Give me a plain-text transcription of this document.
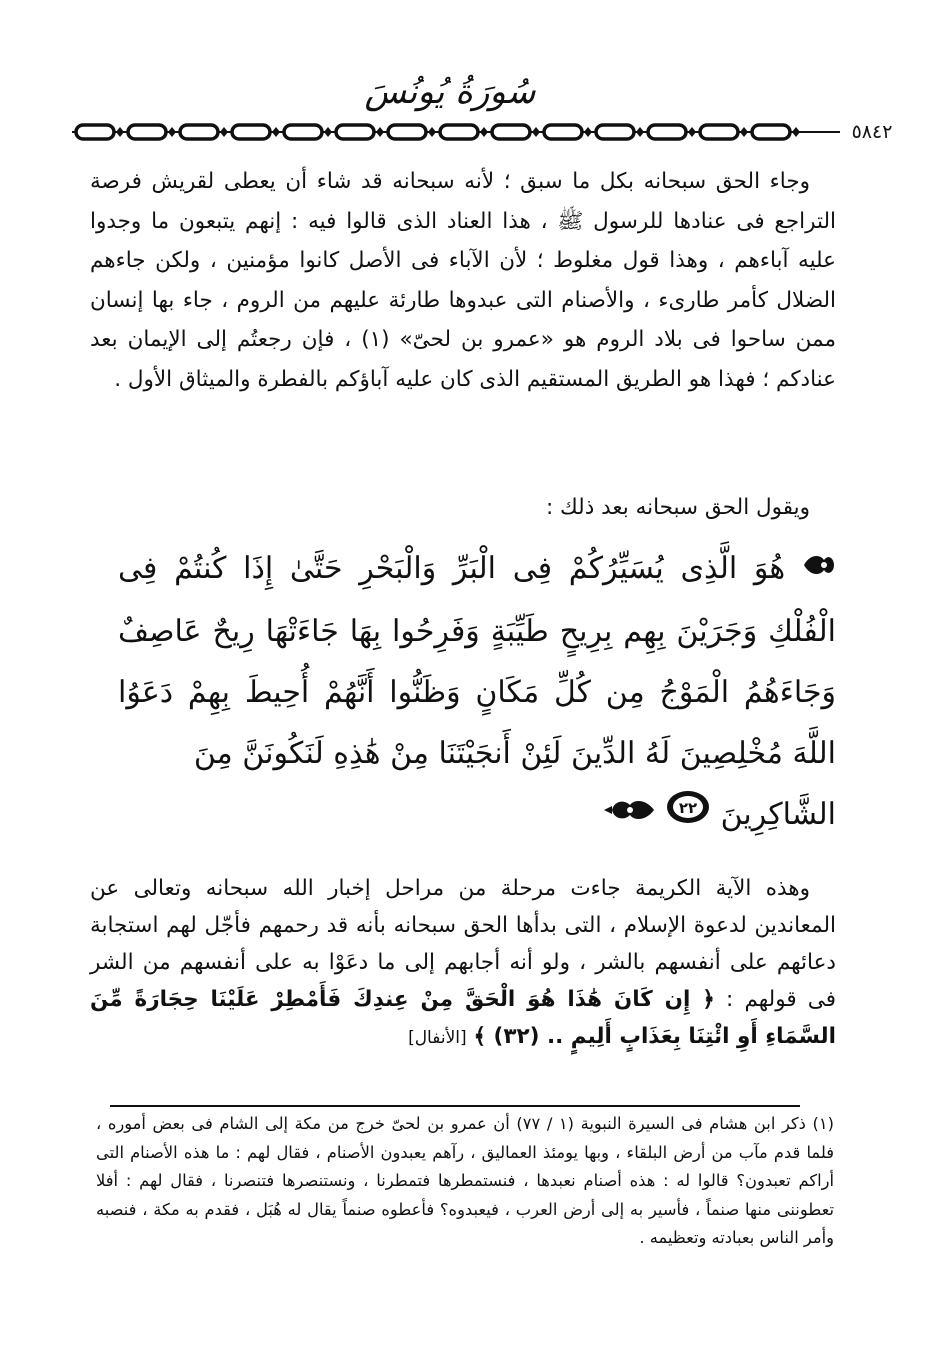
سُورَةُ يُونُسَ
٥٨٤٢

وجاء الحق سبحانه بكل ما سبق ؛ لأنه سبحانه قد شاء أن يعطى لقريش فرصة التراجع فى عنادها للرسول ﷺ ، هذا العناد الذى قالوا فيه : إنهم يتبعون ما وجدوا عليه آباءهم ، وهذا قول مغلوط ؛ لأن الآباء فى الأصل كانوا مؤمنين ، ولكن جاءهم الضلال كأمر طارىء ، والأصنام التى عبدوها طارئة عليهم من الروم ، جاء بها إنسان ممن ساحوا فى بلاد الروم هو «عمرو بن لحىّ» (١) ، فإن رجعتُم إلى الإيمان بعد عنادكم ؛ فهذا هو الطريق المستقيم الذى كان عليه آباؤكم بالفطرة والميثاق الأول .

ويقول الحق سبحانه بعد ذلك :
هُوَ الَّذِى يُسَيِّرُكُمْ فِى الْبَرِّ وَالْبَحْرِ حَتَّىٰ إِذَا كُنتُمْ فِى الْفُلْكِ وَجَرَيْنَ بِهِم بِرِيحٍ طَيِّبَةٍ وَفَرِحُوا بِهَا جَاءَتْهَا رِيحٌ عَاصِفٌ وَجَاءَهُمُ الْمَوْجُ مِن كُلِّ مَكَانٍ وَظَنُّوا أَنَّهُمْ أُحِيطَ بِهِمْ دَعَوُا اللَّهَ مُخْلِصِينَ لَهُ الدِّينَ لَئِنْ أَنجَيْتَنَا مِنْ هَٰذِهِ لَنَكُونَنَّ مِنَ
الشَّاكِرِينَ
٢٢

وهذه الآية الكريمة جاءت مرحلة من مراحل إخبار الله سبحانه وتعالى عن المعاندين لدعوة الإسلام ، التى بدأها الحق سبحانه بأنه قد رحمهم فأجّل لهم استجابة دعائهم على أنفسهم بالشر ، ولو أنه أجابهم إلى ما دعَوْا به على أنفسهم من الشر فى قولهم : ﴿ إِن كَانَ هَٰذَا هُوَ الْحَقَّ مِنْ عِندِكَ فَأَمْطِرْ عَلَيْنَا حِجَارَةً مِّنَ السَّمَاءِ أَوِ ائْتِنَا بِعَذَابٍ أَلِيمٍ .. (٣٢) ﴾ [الأنفال]

(١) ذكر ابن هشام فى السيرة النبوية (١ / ٧٧) أن عمرو بن لحىّ خرج من مكة إلى الشام فى بعض أموره ، فلما قدم مآب من أرض البلقاء ، وبها يومئذ العماليق ، رآهم يعبدون الأصنام ، فقال لهم : ما هذه الأصنام التى أراكم تعبدون؟ قالوا له : هذه أصنام نعبدها ، فنستمطرها فتمطرنا ، ونستنصرها فتنصرنا ، فقال لهم : أفلا تعطوننى منها صنماً ، فأسير به إلى أرض العرب ، فيعبدوه؟ فأعطوه صنماً يقال له هُبَل ، فقدم به مكة ، فنصبه وأمر الناس بعبادته وتعظيمه .
